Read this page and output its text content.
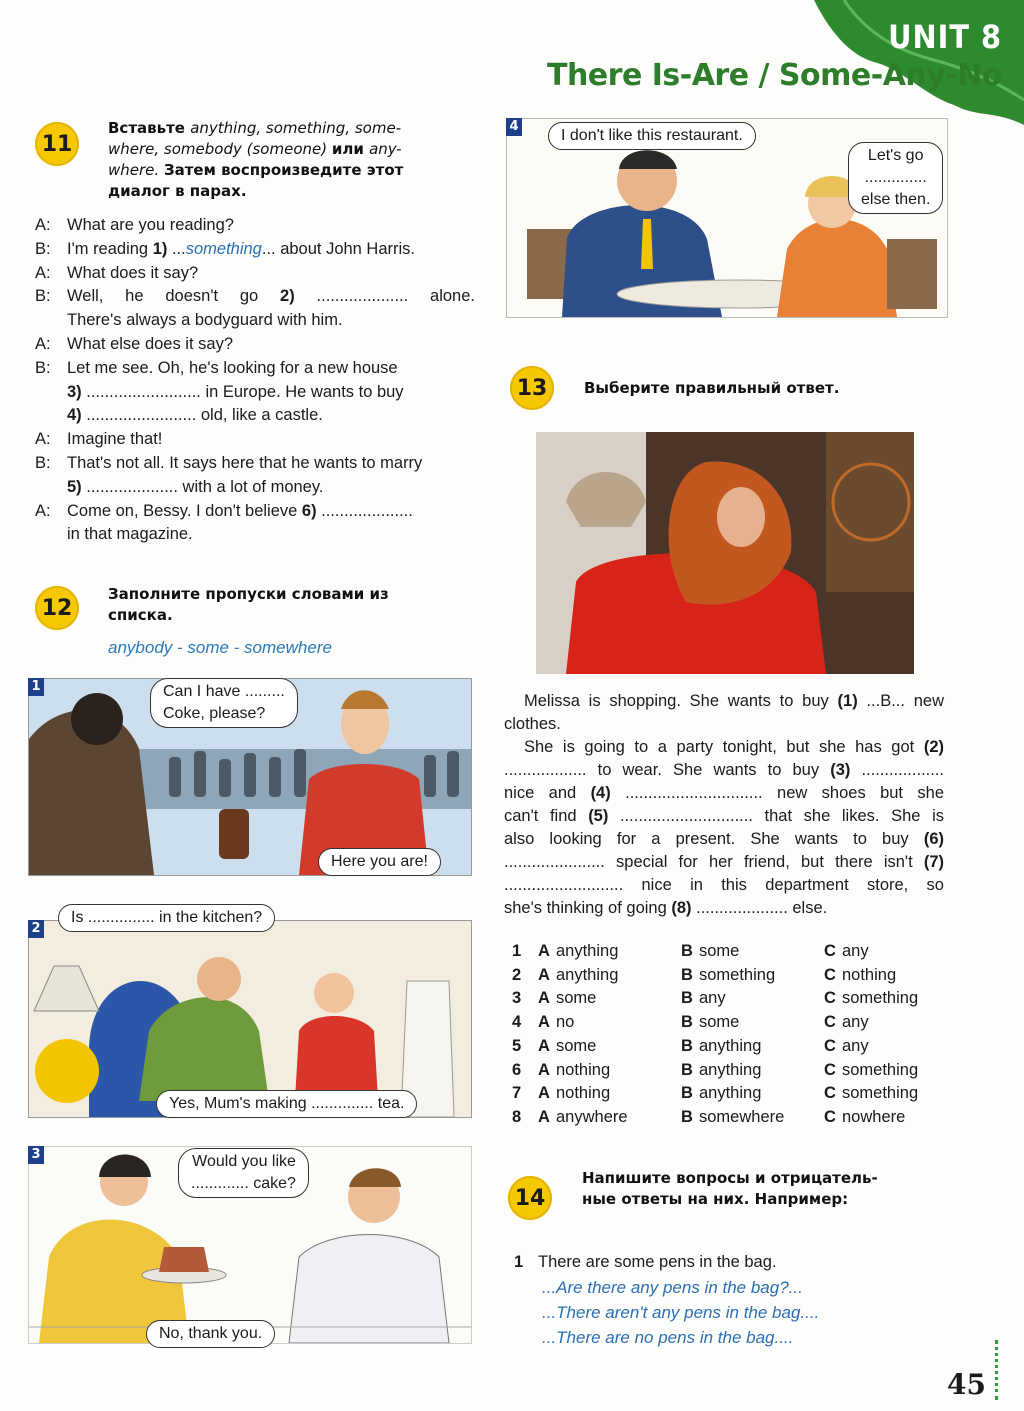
UNIT 8
There Is-Are / Some-Any-No
11
Вставьте anything, something, some-
where, somebody (someone) или any-
where. Затем воспроизведите этот
диалог в парах.
A: What are you reading?
B: I'm reading 1) ...something... about John Harris.
A: What does it say?
B: Well, he doesn't go 2) .................... alone.
There's always a bodyguard with him.
A: What else does it say?
B: Let me see. Oh, he's looking for a new house
3) ......................... in Europe. He wants to buy
4) ........................ old, like a castle.
A: Imagine that!
B: That's not all. It says here that he wants to marry
5) .................... with a lot of money.
A: Come on, Bessy. I don't believe 6) ....................
in that magazine.
12
Заполните пропуски словами из
списка.
anybody - some - somewhere
1	Can I have .........
Coke, please?
Here you are!
2
Is ............... in the kitchen?
Yes, Mum's making .............. tea.
3	Would you like
............. cake?
No, thank you.
4
I don't like this restaurant.
Let's go
..............
else then.
13	Выберите правильный ответ.

Melissa is shopping. She wants to buy (1) ...B... new clothes.

She is going to a party tonight, but she has got (2)
.................. to wear. She wants to buy (3) ..................
nice and (4) .............................. new shoes but she
can't find (5) ............................. that she likes. She is
also looking for a present. She wants to buy (6)
...................... special for her friend, but there isn't (7)
.......................... nice in this department store, so
she's thinking of going (8) .................... else.
1	A anything	B some	C any
2	A anything	B something	C nothing
3	A some	B any	C something
4	A no	B some	C any
5	A some	B anything	C any
6	A nothing	B anything	C something
7	A nothing	B anything	C something
8	A anywhere	B somewhere	C nowhere
14
Напишите вопросы и отрицатель-
ные ответы на них. Например:
1 There are some pens in the bag.
...Are there any pens in the bag?...
...There aren't any pens in the bag....
...There are no pens in the bag....
45
